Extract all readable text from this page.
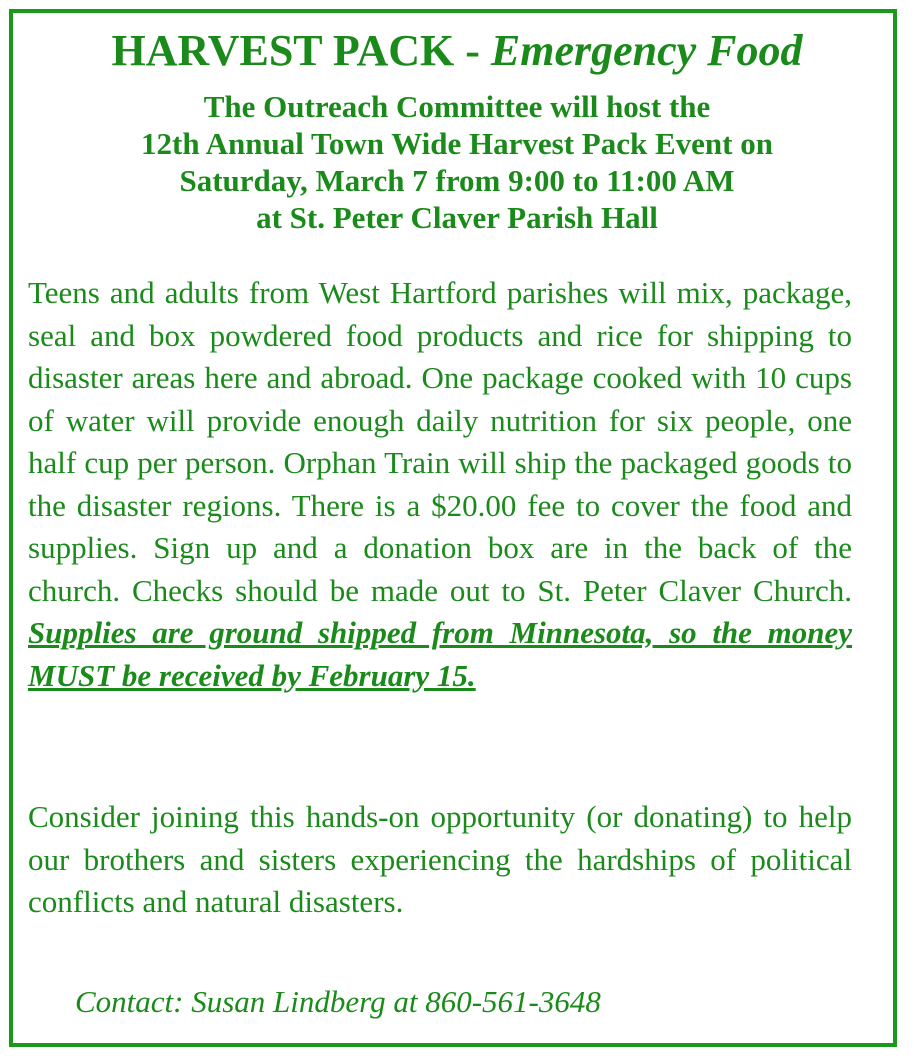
HARVEST PACK - Emergency Food
The Outreach Committee will host the
12th Annual Town Wide Harvest Pack Event on
Saturday, March 7 from 9:00 to 11:00 AM
at St. Peter Claver Parish Hall

Teens and adults from West Hartford parishes will mix, package, seal and box powdered food products and rice for shipping to disaster areas here and abroad. One package cooked with 10 cups of water will provide enough daily nutrition for six people, one half cup per person. Orphan Train will ship the packaged goods to the disaster regions. There is a $20.00 fee to cover the food and supplies. Sign up and a donation box are in the back of the church. Checks should be made out to St. Peter Claver Church. Supplies are ground shipped from Minnesota, so the money MUST be received by February 15.

Consider joining this hands-on opportunity (or donating) to help our brothers and sisters experiencing the hardships of political conflicts and natural disasters.

Contact: Susan Lindberg at 860-561-3648
